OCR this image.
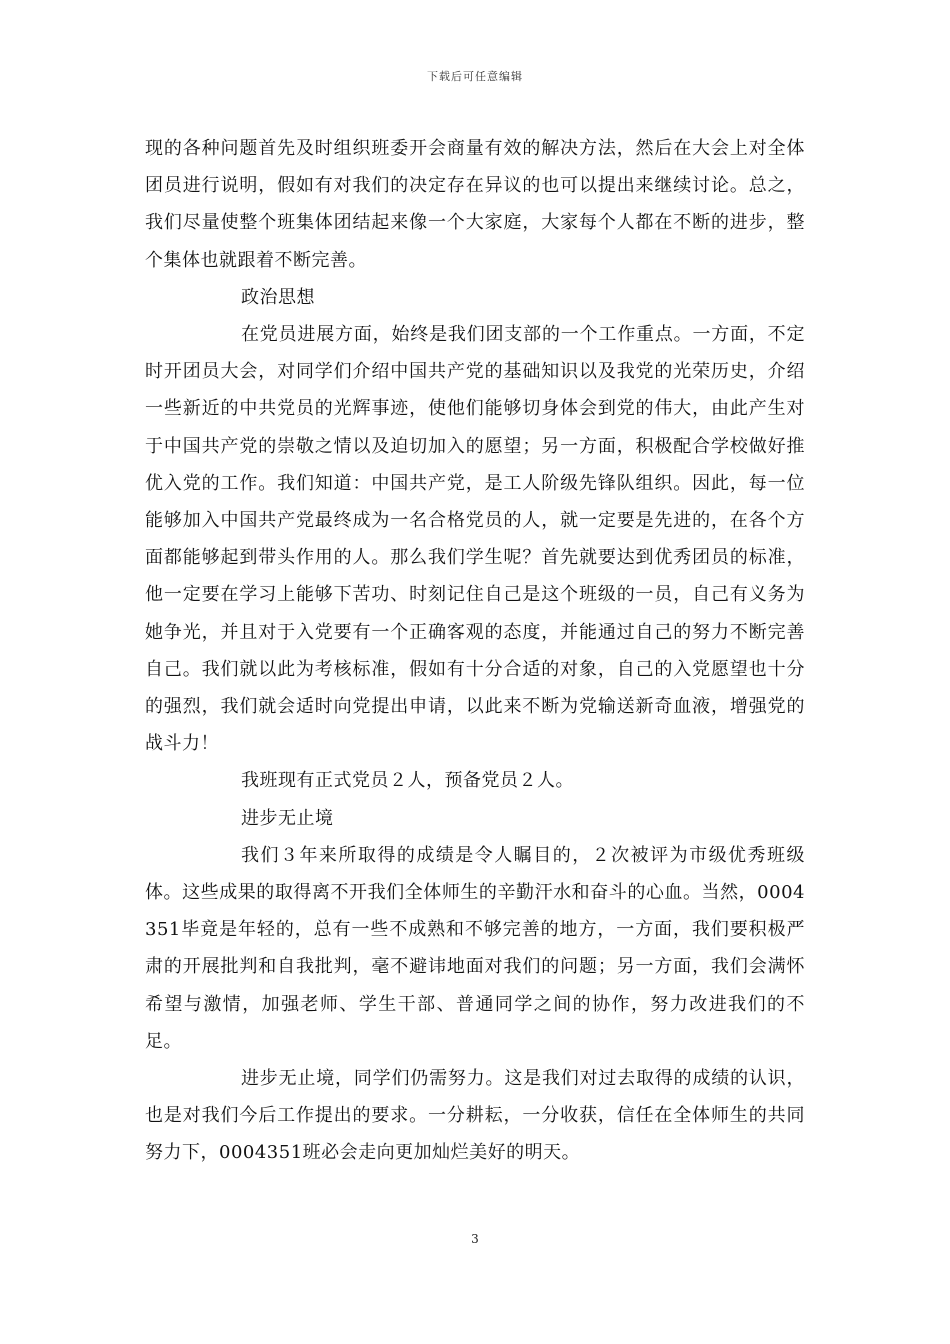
下载后可任意编辑

现的各种问题首先及时组织班委开会商量有效的解决方法，然后在大会上对全体团员进行说明，假如有对我们的决定存在异议的也可以提出来继续讨论。总之，我们尽量使整个班集体团结起来像一个大家庭，大家每个人都在不断的进步，整个集体也就跟着不断完善。

政治思想

在党员进展方面，始终是我们团支部的一个工作重点。一方面，不定时开团员大会，对同学们介绍中国共产党的基础知识以及我党的光荣历史，介绍一些新近的中共党员的光辉事迹，使他们能够切身体会到党的伟大，由此产生对于中国共产党的崇敬之情以及迫切加入的愿望；另一方面，积极配合学校做好推优入党的工作。我们知道：中国共产党，是工人阶级先锋队组织。因此，每一位能够加入中国共产党最终成为一名合格党员的人，就一定要是先进的，在各个方面都能够起到带头作用的人。那么我们学生呢？首先就要达到优秀团员的标准，他一定要在学习上能够下苦功、时刻记住自己是这个班级的一员，自己有义务为她争光，并且对于入党要有一个正确客观的态度，并能通过自己的努力不断完善自己。我们就以此为考核标准，假如有十分合适的对象，自己的入党愿望也十分的强烈，我们就会适时向党提出申请，以此来不断为党输送新奇血液，增强党的战斗力！

我班现有正式党员２人，预备党员２人。

进步无止境

我们３年来所取得的成绩是令人瞩目的，２次被评为市级优秀班级体。这些成果的取得离不开我们全体师生的辛勤汗水和奋斗的心血。当然，0004351毕竟是年轻的，总有一些不成熟和不够完善的地方，一方面，我们要积极严肃的开展批判和自我批判，毫不避讳地面对我们的问题；另一方面，我们会满怀希望与激情，加强老师、学生干部、普通同学之间的协作，努力改进我们的不足。

进步无止境，同学们仍需努力。这是我们对过去取得的成绩的认识，也是对我们今后工作提出的要求。一分耕耘，一分收获，信任在全体师生的共同努力下，0004351班必会走向更加灿烂美好的明天。

3
